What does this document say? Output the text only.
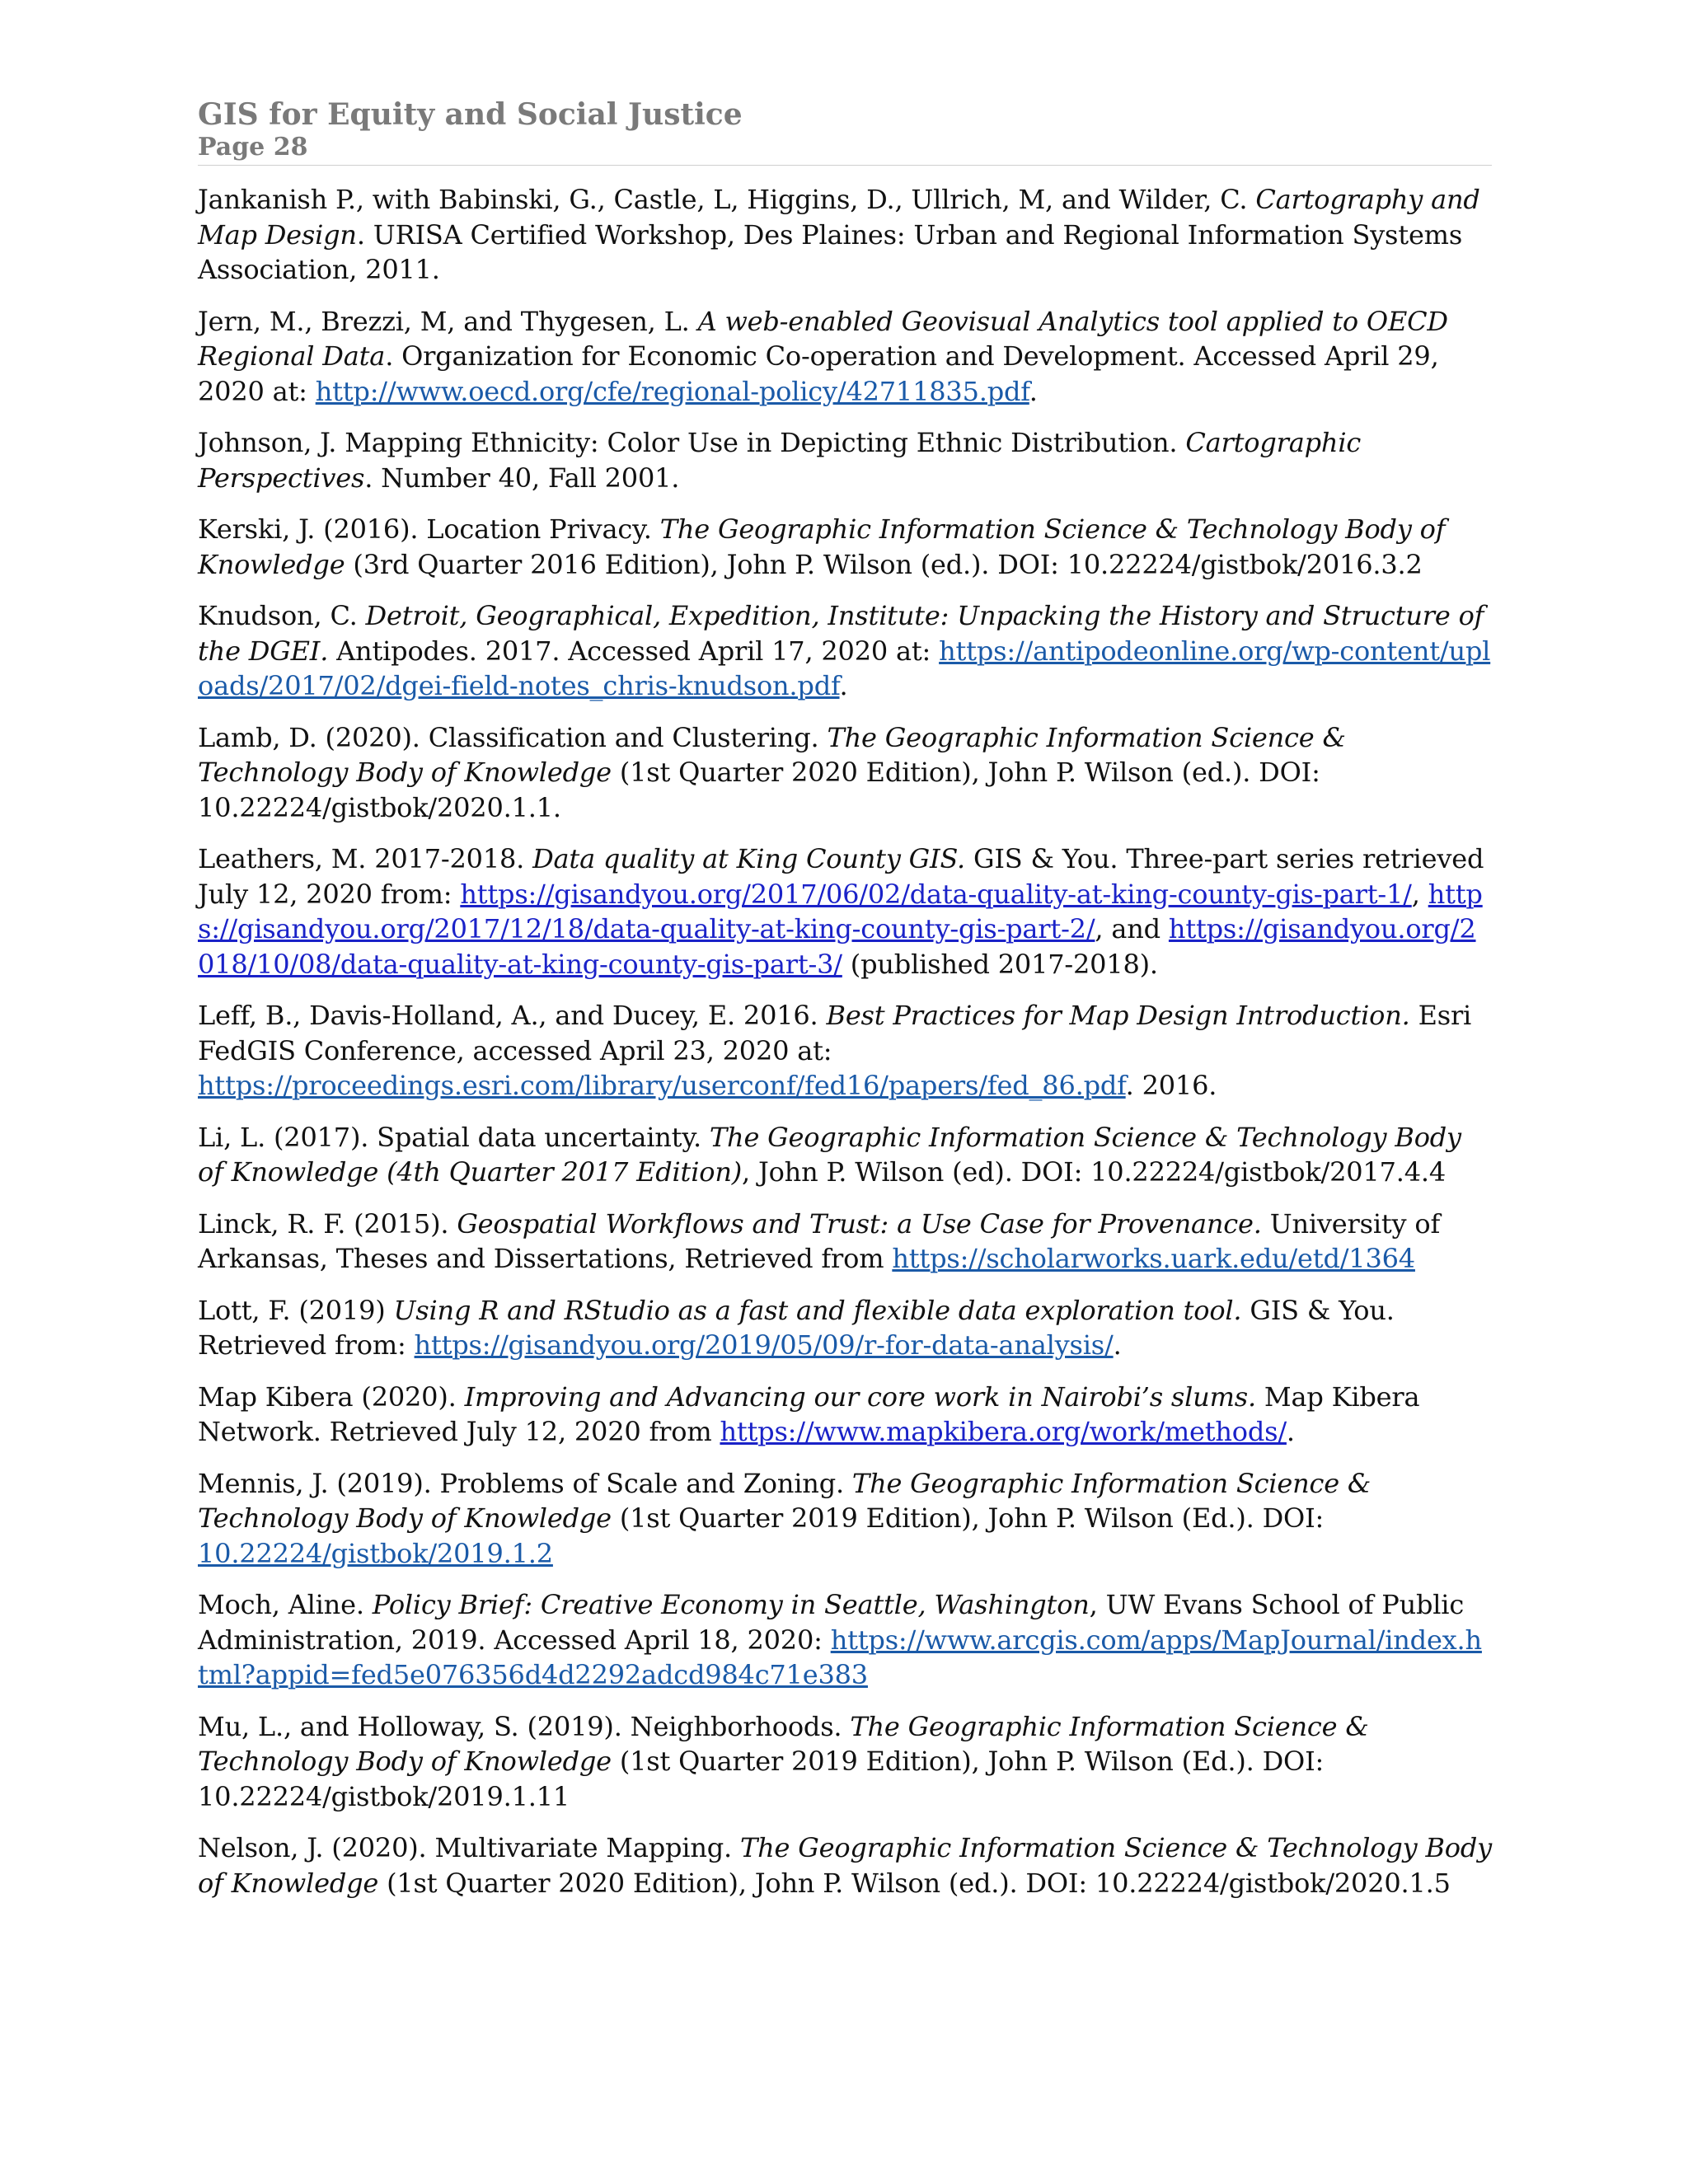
GIS for Equity and Social Justice
Page 28

Jankanish P., with Babinski, G., Castle, L, Higgins, D., Ullrich, M, and Wilder, C. Cartography and Map Design. URISA Certified Workshop, Des Plaines: Urban and Regional Information Systems Association, 2011.

Jern, M., Brezzi, M, and Thygesen, L. A web-enabled Geovisual Analytics tool applied to OECD Regional Data. Organization for Economic Co-operation and Development. Accessed April 29, 2020 at: http://www.oecd.org/cfe/regional-policy/42711835.pdf.

Johnson, J. Mapping Ethnicity: Color Use in Depicting Ethnic Distribution. Cartographic Perspectives. Number 40, Fall 2001.

Kerski, J. (2016). Location Privacy. The Geographic Information Science & Technology Body of Knowledge (3rd Quarter 2016 Edition), John P. Wilson (ed.). DOI: 10.22224/gistbok/2016.3.2

Knudson, C. Detroit, Geographical, Expedition, Institute: Unpacking the History and Structure of the DGEI. Antipodes. 2017. Accessed April 17, 2020 at: https://antipodeonline.org/wp-content/uploads/2017/02/dgei-field-notes_chris-knudson.pdf.

Lamb, D. (2020). Classification and Clustering. The Geographic Information Science & Technology Body of Knowledge (1st Quarter 2020 Edition), John P. Wilson (ed.). DOI: 10.22224/gistbok/2020.1.1.

Leathers, M. 2017-2018. Data quality at King County GIS. GIS & You. Three-part series retrieved July 12, 2020 from: https://gisandyou.org/2017/06/02/data-quality-at-king-county-gis-part-1/, https://gisandyou.org/2017/12/18/data-quality-at-king-county-gis-part-2/, and https://gisandyou.org/2018/10/08/data-quality-at-king-county-gis-part-3/ (published 2017-2018).

Leff, B., Davis-Holland, A., and Ducey, E. 2016. Best Practices for Map Design Introduction. Esri FedGIS Conference, accessed April 23, 2020 at: https://proceedings.esri.com/library/userconf/fed16/papers/fed_86.pdf. 2016.

Li, L. (2017). Spatial data uncertainty. The Geographic Information Science & Technology Body of Knowledge (4th Quarter 2017 Edition), John P. Wilson (ed). DOI: 10.22224/gistbok/2017.4.4

Linck, R. F. (2015). Geospatial Workflows and Trust: a Use Case for Provenance. University of Arkansas, Theses and Dissertations, Retrieved from https://scholarworks.uark.edu/etd/1364

Lott, F. (2019) Using R and RStudio as a fast and flexible data exploration tool. GIS & You. Retrieved from: https://gisandyou.org/2019/05/09/r-for-data-analysis/.

Map Kibera (2020). Improving and Advancing our core work in Nairobi’s slums. Map Kibera Network. Retrieved July 12, 2020 from https://www.mapkibera.org/work/methods/.

Mennis, J. (2019). Problems of Scale and Zoning. The Geographic Information Science & Technology Body of Knowledge (1st Quarter 2019 Edition), John P. Wilson (Ed.). DOI: 10.22224/gistbok/2019.1.2

Moch, Aline. Policy Brief: Creative Economy in Seattle, Washington, UW Evans School of Public Administration, 2019. Accessed April 18, 2020: https://www.arcgis.com/apps/MapJournal/index.html?appid=fed5e076356d4d2292adcd984c71e383

Mu, L., and Holloway, S. (2019). Neighborhoods. The Geographic Information Science & Technology Body of Knowledge (1st Quarter 2019 Edition), John P. Wilson (Ed.). DOI: 10.22224/gistbok/2019.1.11

Nelson, J. (2020). Multivariate Mapping. The Geographic Information Science & Technology Body of Knowledge (1st Quarter 2020 Edition), John P. Wilson (ed.). DOI: 10.22224/gistbok/2020.1.5
